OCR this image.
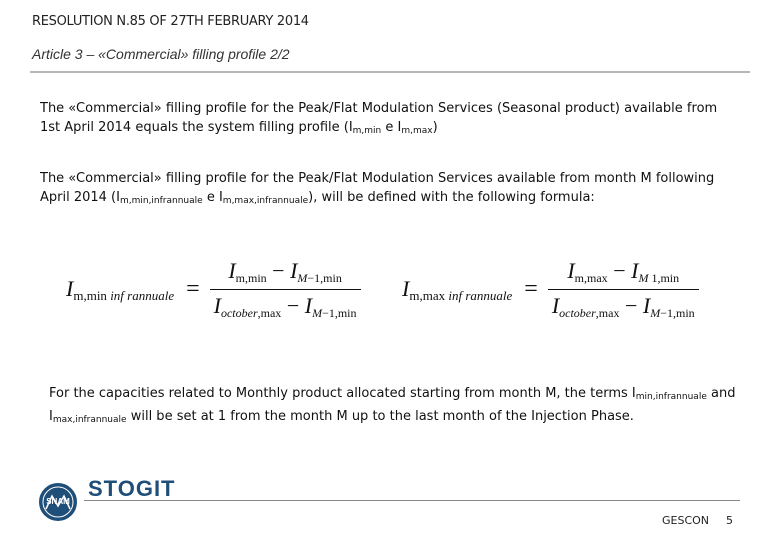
RESOLUTION N.85 OF 27TH FEBRUARY 2014
Article 3 – «Commercial» filling profile 2/2
The «Commercial» filling profile for the Peak/Flat Modulation Services (Seasonal product) available from 1st April 2014 equals the system filling profile ($I_{m,min}$ e $I_{m,max}$)
The «Commercial» filling profile for the Peak/Flat Modulation Services available from month M following April 2014 ($I_{m,min,infrannuale}$ e $I_{m,max,infrannuale}$), will be defined with the following formula:
$I_{m,min inf rannuale} = \frac{I_{m,min} - I_{M-1,min}}{I_{october,max} - I_{M-1,min}} I_{m,max inf rannuale} = \frac{I_{m,max} - I_{M 1,min}}{I_{october,max} - I_{M-1,min}}$
For the capacities related to Monthly product allocated starting from month M, the terms $I_{min,infrannuale}$ and $I_{max,infrannuale}$ will be set at 1 from the month M up to the last month of the Injection Phase.
SNAM
STOGIT
GESCON 5
